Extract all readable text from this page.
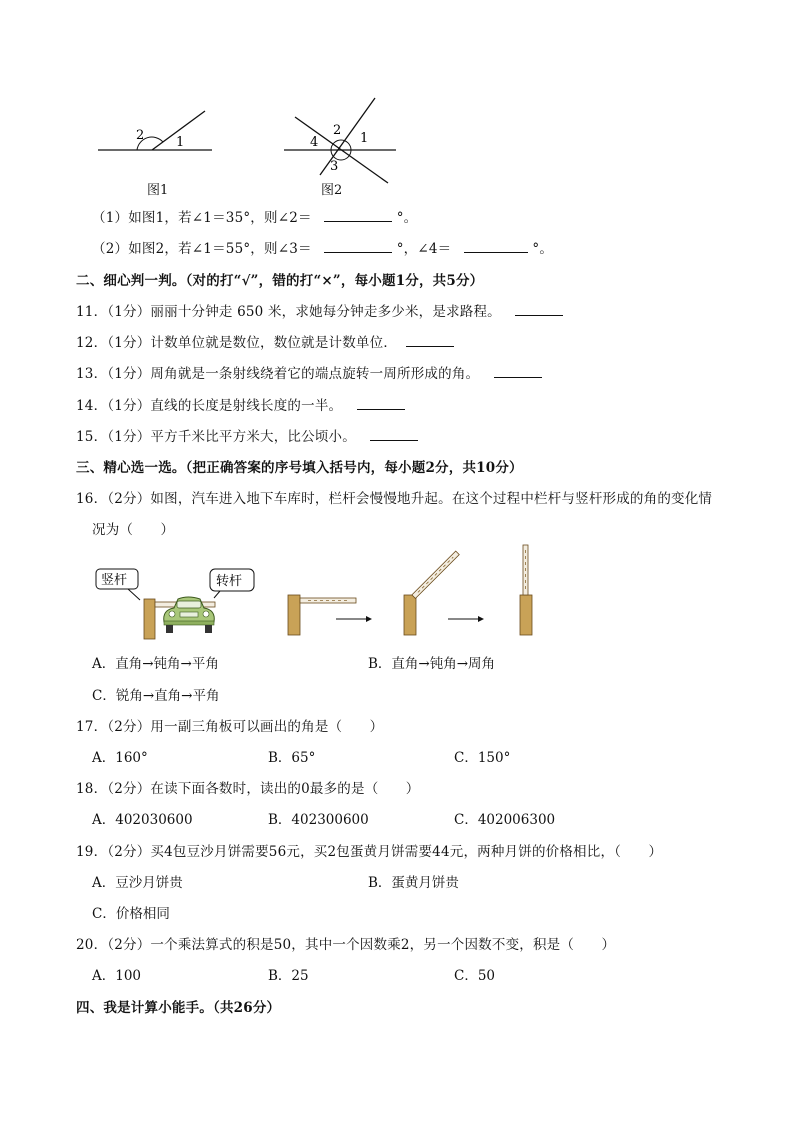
2 1
2
1
4
3
图1	图2
（1）如图1，若∠1＝35°，则∠2＝	°。
（2）如图2，若∠1＝55°，则∠3＝	°，∠4＝	°。
二、细心判一判。（对的打“√”，错的打“×”，每小题1分，共5分）
11．（1分）丽丽十分钟走 650 米，求她每分钟走多少米，是求路程。
12．（1分）计数单位就是数位，数位就是计数单位．
13．（1分）周角就是一条射线绕着它的端点旋转一周所形成的角。
14．（1分）直线的长度是射线长度的一半。
15．（1分）平方千米比平方米大，比公顷小。
三、精心选一选。（把正确答案的序号填入括号内，每小题2分，共10分）
16．（2分）如图，汽车进入地下车库时，栏杆会慢慢地升起。在这个过程中栏杆与竖杆形成的角的变化情
况为（　　）
竖杆	转杆
A．直角→钝角→平角	B．直角→钝角→周角
C．锐角→直角→平角
17．（2分）用一副三角板可以画出的角是（　　）
A．160°	B．65°	C．150°
18．（2分）在读下面各数时，读出的0最多的是（　　）
A．402030600	B．402300600	C．402006300
19．（2分）买4包豆沙月饼需要56元，买2包蛋黄月饼需要44元，两种月饼的价格相比，（　　）
A．豆沙月饼贵	B．蛋黄月饼贵
C．价格相同
20．（2分）一个乘法算式的积是50，其中一个因数乘2，另一个因数不变，积是（　　）
A．100	B．25	C．50
四、我是计算小能手。（共26分）
